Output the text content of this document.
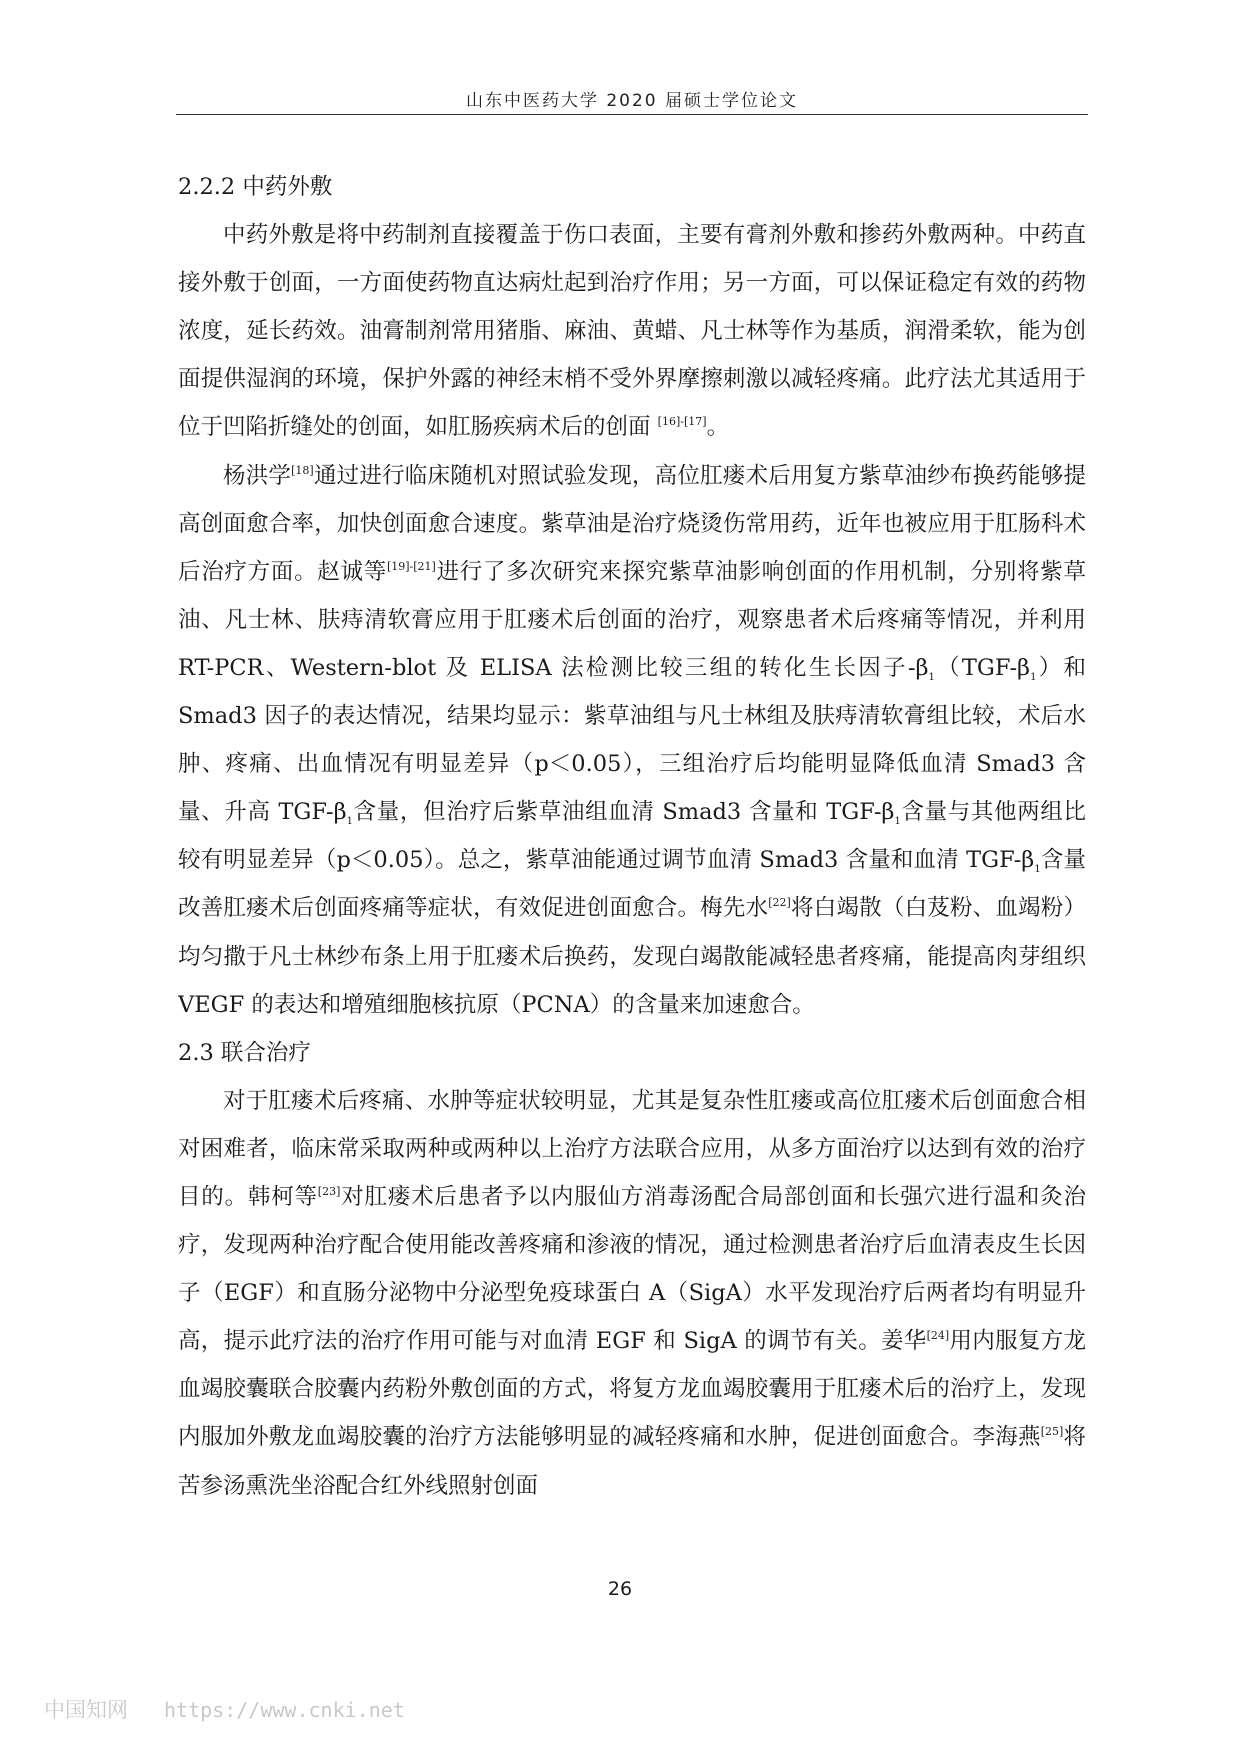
山东中医药大学 2020 届硕士学位论文

2.2.2 中药外敷

中药外敷是将中药制剂直接覆盖于伤口表面，主要有膏剂外敷和掺药外敷两种。中药直接外敷于创面，一方面使药物直达病灶起到治疗作用；另一方面，可以保证稳定有效的药物浓度，延长药效。油膏制剂常用猪脂、麻油、黄蜡、凡士林等作为基质，润滑柔软，能为创面提供湿润的环境，保护外露的神经末梢不受外界摩擦刺激以减轻疼痛。此疗法尤其适用于位于凹陷折缝处的创面，如肛肠疾病术后的创面 [16]-[17]。

杨洪学[18]通过进行临床随机对照试验发现，高位肛瘘术后用复方紫草油纱布换药能够提高创面愈合率，加快创面愈合速度。紫草油是治疗烧烫伤常用药，近年也被应用于肛肠科术后治疗方面。赵诚等[19]-[21]进行了多次研究来探究紫草油影响创面的作用机制，分别将紫草油、凡士林、肤痔清软膏应用于肛瘘术后创面的治疗，观察患者术后疼痛等情况，并利用 RT-PCR、Western-blot 及 ELISA 法检测比较三组的转化生长因子$-\beta_1(TGF-\beta_1)$和 Smad3 因子的表达情况，结果均显示：紫草油组与凡士林组及肤痔清软膏组比较，术后水肿、疼痛、出血情况有明显差异（p＜0.05），三组治疗后均能明显降低血清 Smad3 含量、升高 TGF-$\beta_1$含量，但治疗后紫草油组血清 Smad3 含量和 TGF-$\beta_1$含量与其他两组比较有明显差异（p＜0.05）。总之，紫草油能通过调节血清 Smad3 含量和血清 TGF-$\beta_1$含量改善肛瘘术后创面疼痛等症状，有效促进创面愈合。梅先水[22]将白竭散（白芨粉、血竭粉）均匀撒于凡士林纱布条上用于肛瘘术后换药，发现白竭散能减轻患者疼痛，能提高肉芽组织 VEGF 的表达和增殖细胞核抗原（PCNA）的含量来加速愈合。

2.3 联合治疗

对于肛瘘术后疼痛、水肿等症状较明显，尤其是复杂性肛瘘或高位肛瘘术后创面愈合相对困难者，临床常采取两种或两种以上治疗方法联合应用，从多方面治疗以达到有效的治疗目的。韩柯等[23]对肛瘘术后患者予以内服仙方消毒汤配合局部创面和长强穴进行温和灸治疗，发现两种治疗配合使用能改善疼痛和渗液的情况，通过检测患者治疗后血清表皮生长因子（EGF）和直肠分泌物中分泌型免疫球蛋白 A（SigA）水平发现治疗后两者均有明显升高，提示此疗法的治疗作用可能与对血清 EGF 和 SigA 的调节有关。姜华[24]用内服复方龙血竭胶囊联合胶囊内药粉外敷创面的方式，将复方龙血竭胶囊用于肛瘘术后的治疗上，发现内服加外敷龙血竭胶囊的治疗方法能够明显的减轻疼痛和水肿，促进创面愈合。李海燕[25]将苦参汤熏洗坐浴配合红外线照射创面

26
中国知网 https://www.cnki.net
